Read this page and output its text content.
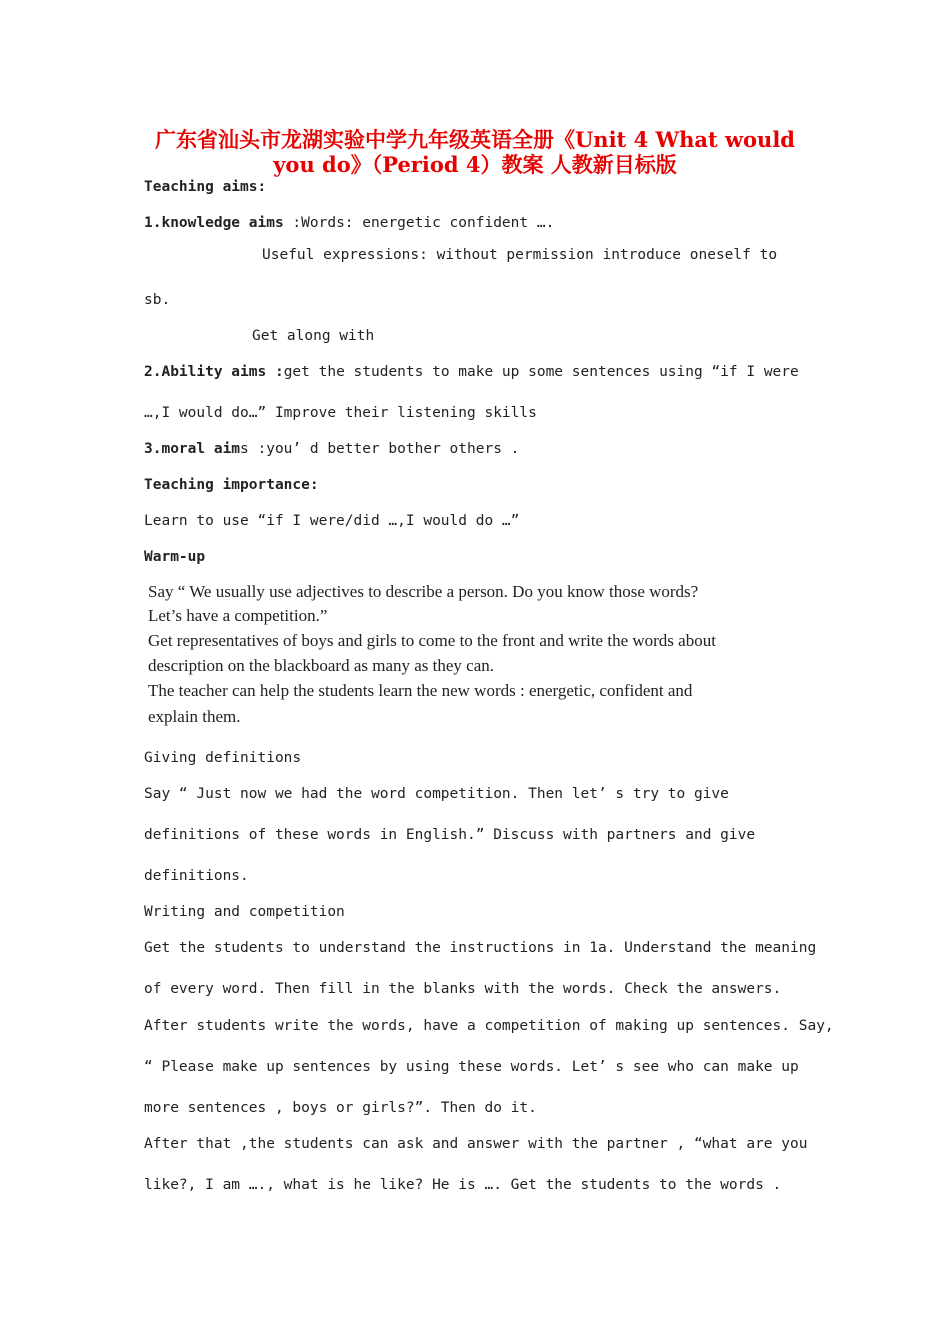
广东省汕头市龙湖实验中学九年级英语全册《Unit 4 What would
you do》（Period 4）教案 人教新目标版
Teaching aims:
1.knowledge aims :Words: energetic confident ….
Useful expressions: without permission introduce oneself to
sb.
Get along with
2.Ability aims :get the students to make up some sentences using “if I were
…,I would do…” Improve their listening skills
3.moral aims :you’ d better bother others .
Teaching importance:
Learn to use “if I were/did …,I would do …”
Warm-up
Say “ We usually use adjectives to describe a person. Do you know those words?
Let’s have a competition.”
Get representatives of boys and girls to come to the front and write the words about
description on the blackboard as many as they can.
The teacher can help the students learn the new words : energetic, confident and
explain them.
Giving definitions
Say “ Just now we had the word competition. Then let’ s try to give
definitions of these words in English.” Discuss with partners and give
definitions.
Writing and competition
Get the students to understand the instructions in 1a. Understand the meaning
of every word. Then fill in the blanks with the words. Check the answers.
After students write the words, have a competition of making up sentences. Say,
“ Please make up sentences by using these words. Let’ s see who can make up
more sentences , boys or girls?”. Then do it.
After that ,the students can ask and answer with the partner , “what are you
like?, I am …., what is he like? He is …. Get the students to the words .
